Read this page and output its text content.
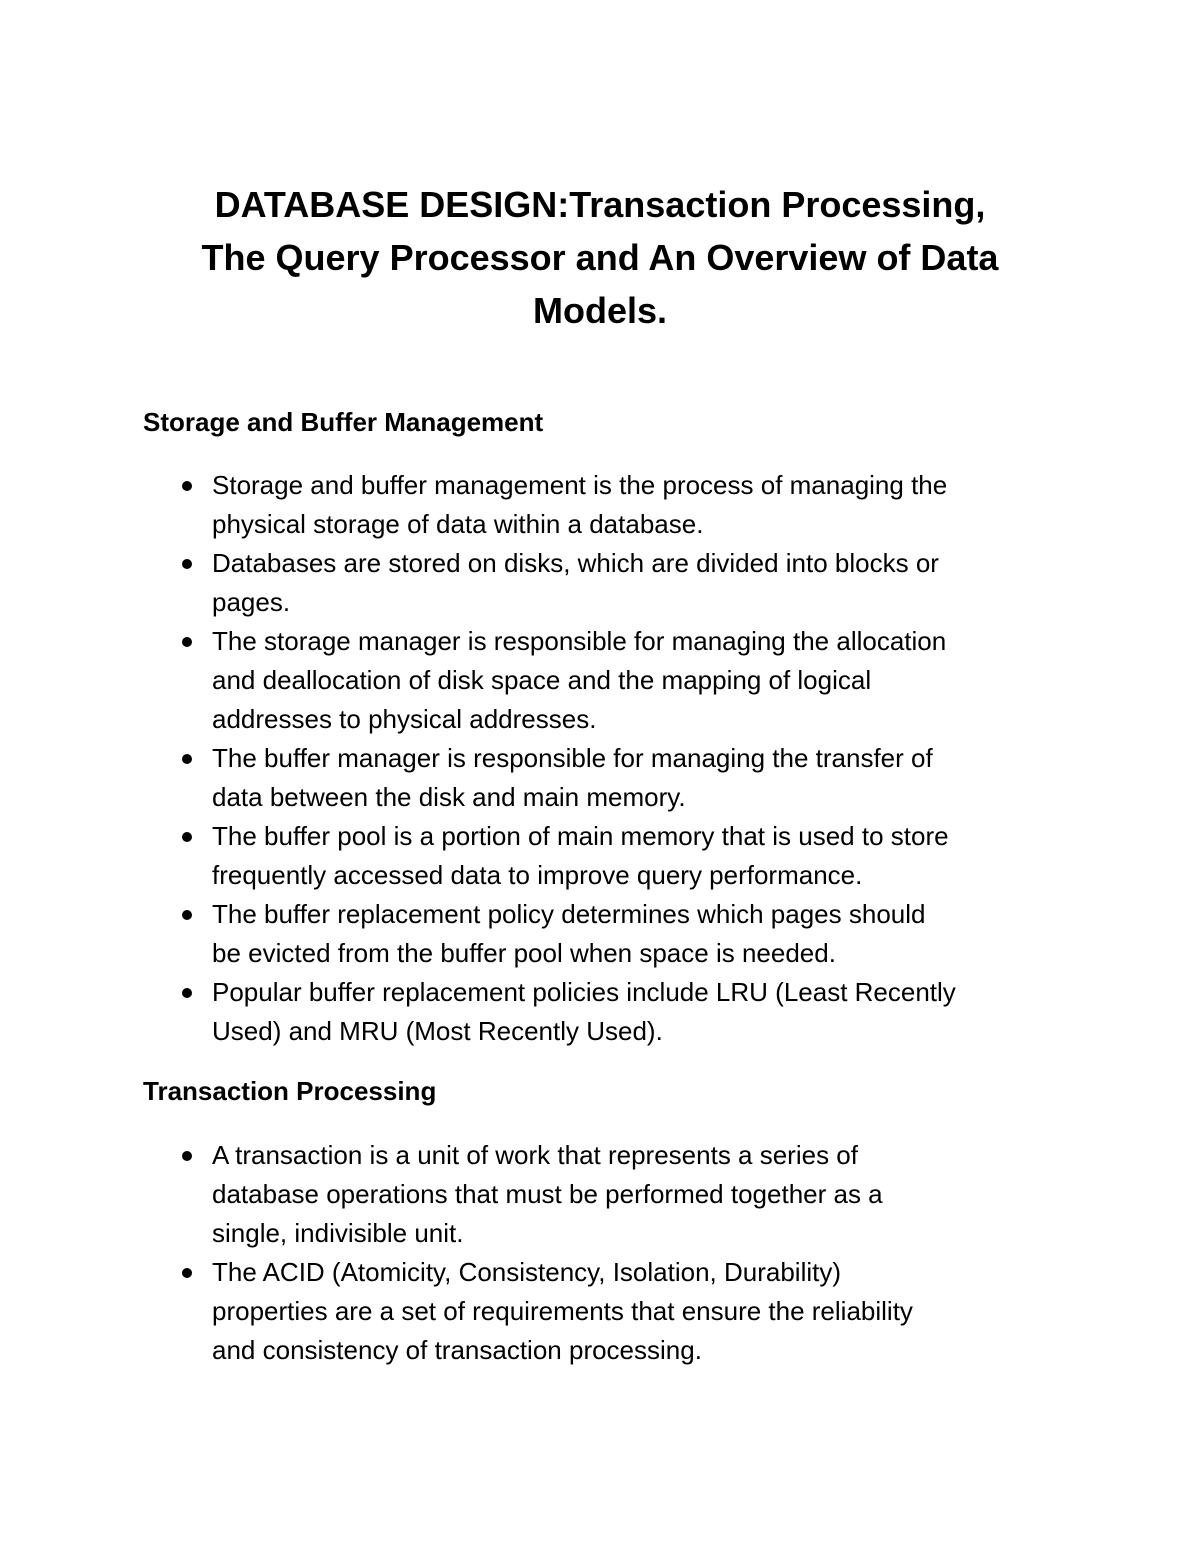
DATABASE DESIGN:Transaction Processing,
The Query Processor and An Overview of Data
Models.
Storage and Buffer Management
Storage and buffer management is the process of managing the
physical storage of data within a database.
Databases are stored on disks, which are divided into blocks or
pages.
The storage manager is responsible for managing the allocation
and deallocation of disk space and the mapping of logical
addresses to physical addresses.
The buffer manager is responsible for managing the transfer of
data between the disk and main memory.
The buffer pool is a portion of main memory that is used to store
frequently accessed data to improve query performance.
The buffer replacement policy determines which pages should
be evicted from the buffer pool when space is needed.
Popular buffer replacement policies include LRU (Least Recently
Used) and MRU (Most Recently Used).
Transaction Processing
A transaction is a unit of work that represents a series of
database operations that must be performed together as a
single, indivisible unit.
The ACID (Atomicity, Consistency, Isolation, Durability)
properties are a set of requirements that ensure the reliability
and consistency of transaction processing.
